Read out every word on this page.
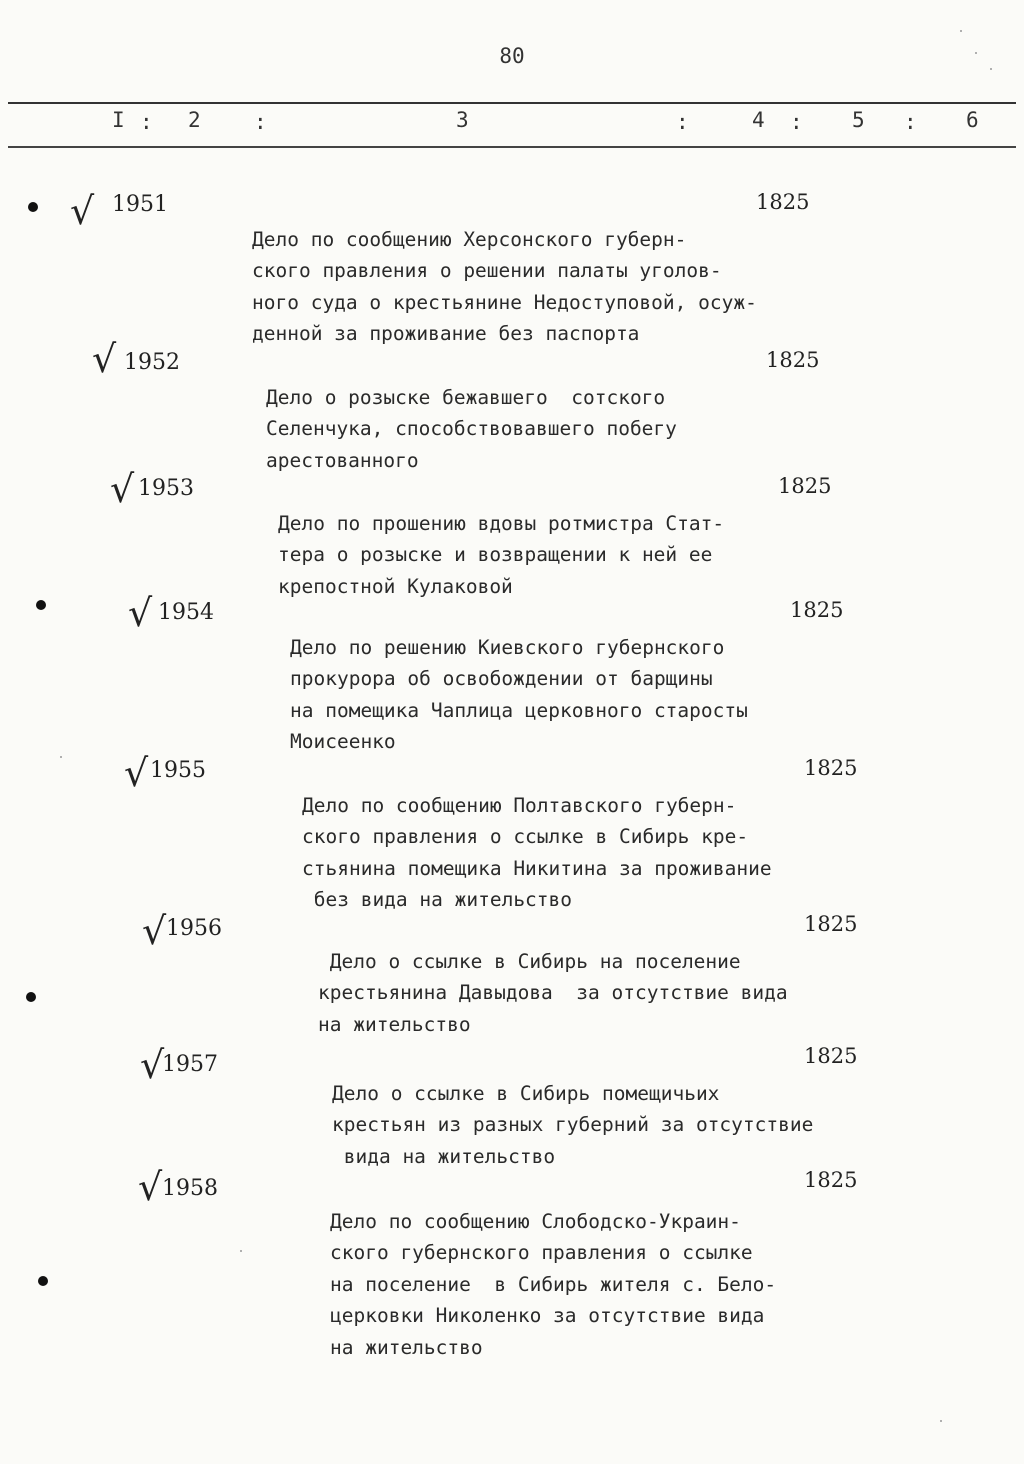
80
I : 2	:	3	:	4 : 5 : 6
√ 1951

Дело по сообщению Херсонского губерн-
ского правления о решении палаты уголов-
ного суда о крестьянине Недоступовой, осуж-
денной за проживание без паспорта
1825
√ 1952

Дело о розыске бежавшего  сотского
Селенчука, способствовавшего побегу
арестованного
1825
√ 1953

Дело по прошению вдовы ротмистра Стат-
тера о розыске и возвращении к ней ее
крепостной Кулаковой
1825
√ 1954

Дело по решению Киевского губернского
прокурора об освобождении от барщины
на помещика Чаплица церковного старосты
Моисеенко
1825
√ 1955

Дело по сообщению Полтавского губерн-
ского правления о ссылке в Сибирь кре-
стьянина помещика Никитина за проживание
без вида на жительство
1825
√ 1956

Дело о ссылке в Сибирь на поселение
крестьянина Давыдова  за отсутствие вида
на жительство
1825
√
1957

Дело о ссылке в Сибирь помещичьих
крестьян из разных губерний за отсутствие
вида на жительство
1825
√ 1958

Дело по сообщению Слободско-Украин-
ского губернского правления о ссылке
на поселение  в Сибирь жителя с. Бело-
церковки Николенко за отсутствие вида
на жительство
1825
